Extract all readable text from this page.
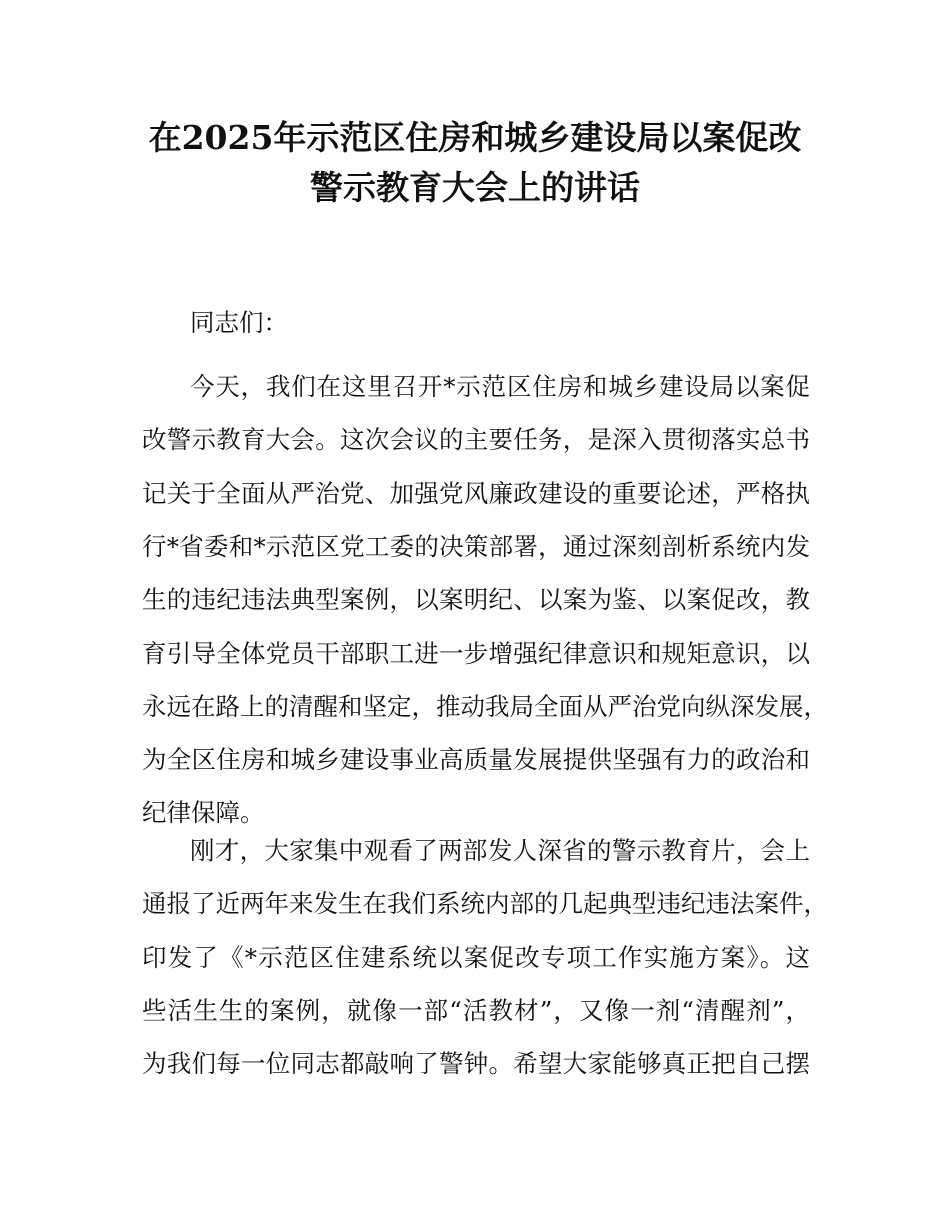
在2025年示范区住房和城乡建设局以案促改
警示教育大会上的讲话
同志们：
今天，我们在这里召开*示范区住房和城乡建设局以案促
改警示教育大会。这次会议的主要任务，是深入贯彻落实总书
记关于全面从严治党、加强党风廉政建设的重要论述，严格执
行*省委和*示范区党工委的决策部署，通过深刻剖析系统内发
生的违纪违法典型案例，以案明纪、以案为鉴、以案促改，教
育引导全体党员干部职工进一步增强纪律意识和规矩意识，以
永远在路上的清醒和坚定，推动我局全面从严治党向纵深发展，
为全区住房和城乡建设事业高质量发展提供坚强有力的政治和
纪律保障。
刚才，大家集中观看了两部发人深省的警示教育片，会上
通报了近两年来发生在我们系统内部的几起典型违纪违法案件，
印发了《*示范区住建系统以案促改专项工作实施方案》。这
些活生生的案例，就像一部“活教材”，又像一剂“清醒剂”，
为我们每一位同志都敲响了警钟。希望大家能够真正把自己摆
